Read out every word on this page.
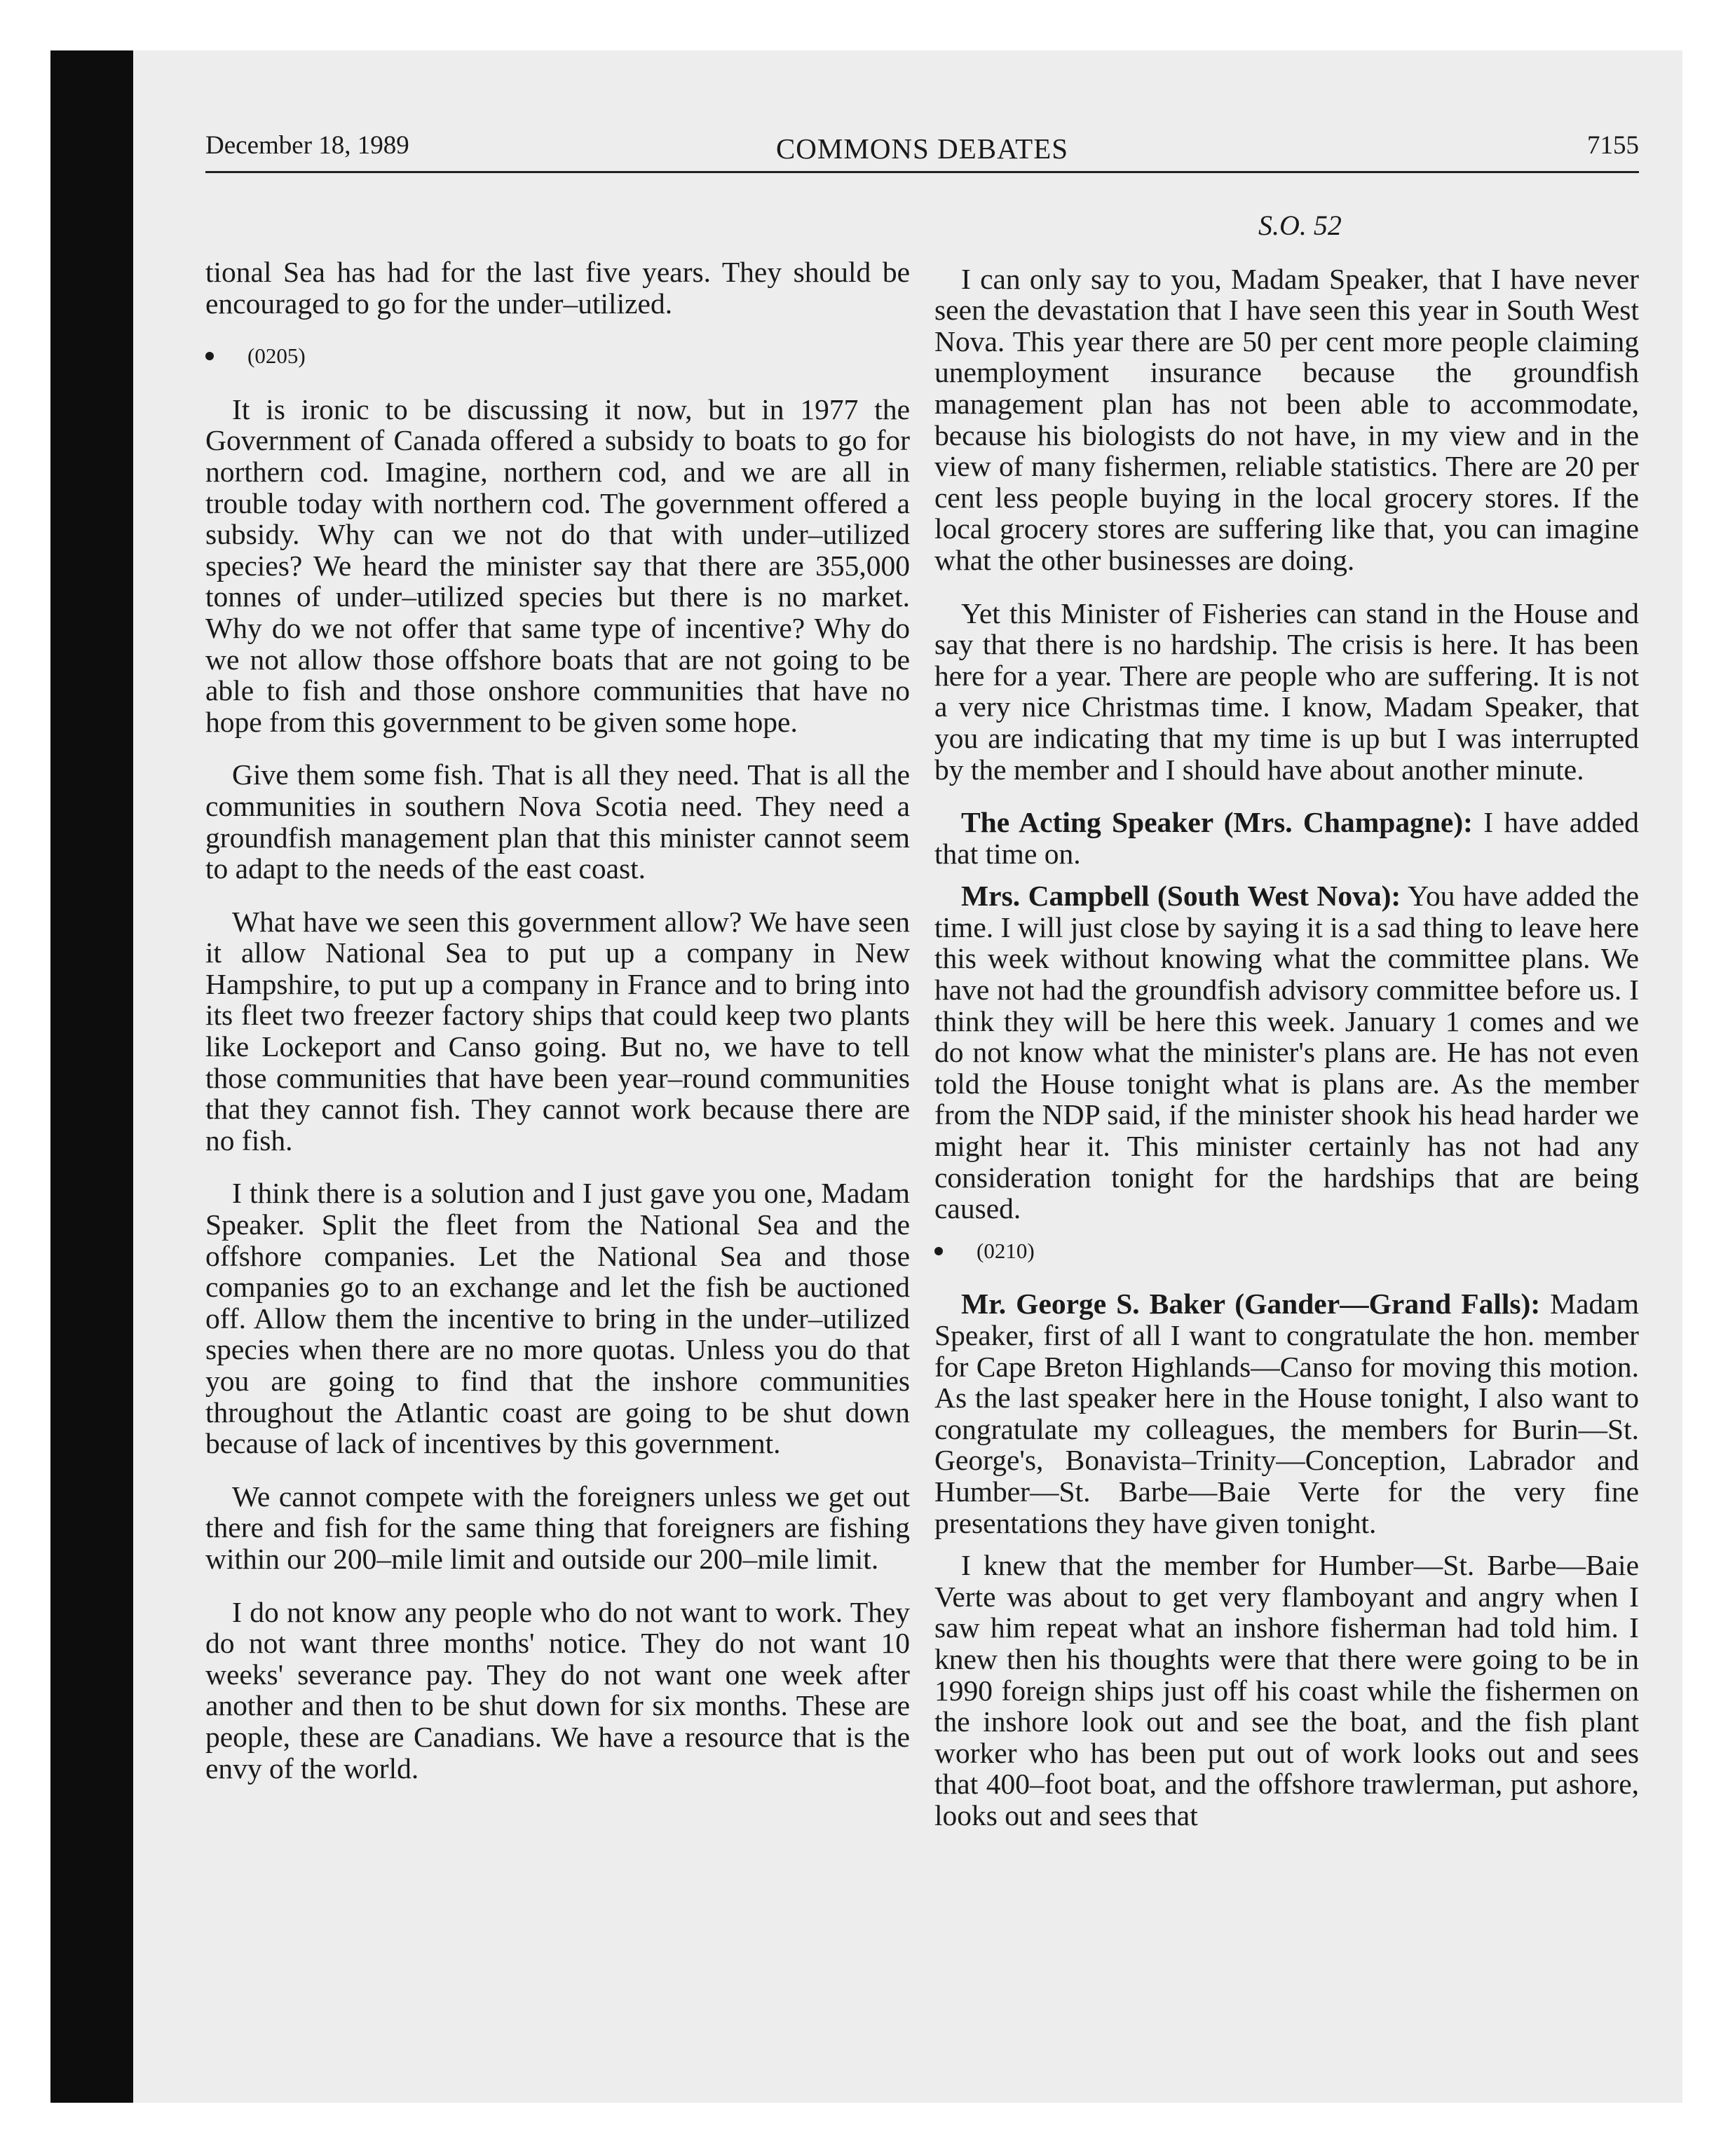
December 18, 1989	COMMONS DEBATES	7155

tional Sea has had for the last five years. They should be encouraged to go for the under–utilized.

(0205)

It is ironic to be discussing it now, but in 1977 the Government of Canada offered a subsidy to boats to go for northern cod. Imagine, northern cod, and we are all in trouble today with northern cod. The government offered a subsidy. Why can we not do that with under–utilized species? We heard the minister say that there are 355,000 tonnes of under–utilized species but there is no market. Why do we not offer that same type of incentive? Why do we not allow those offshore boats that are not going to be able to fish and those onshore communities that have no hope from this government to be given some hope.

Give them some fish. That is all they need. That is all the communities in southern Nova Scotia need. They need a groundfish management plan that this minister cannot seem to adapt to the needs of the east coast.

What have we seen this government allow? We have seen it allow National Sea to put up a company in New Hampshire, to put up a company in France and to bring into its fleet two freezer factory ships that could keep two plants like Lockeport and Canso going. But no, we have to tell those communities that have been year–round communities that they cannot fish. They cannot work because there are no fish.

I think there is a solution and I just gave you one, Madam Speaker. Split the fleet from the National Sea and the offshore companies. Let the National Sea and those companies go to an exchange and let the fish be auctioned off. Allow them the incentive to bring in the under–utilized species when there are no more quotas. Unless you do that you are going to find that the inshore communities throughout the Atlantic coast are going to be shut down because of lack of incentives by this government.

We cannot compete with the foreigners unless we get out there and fish for the same thing that foreigners are fishing within our 200–mile limit and outside our 200–mile limit.

I do not know any people who do not want to work. They do not want three months' notice. They do not want 10 weeks' severance pay. They do not want one week after another and then to be shut down for six months. These are people, these are Canadians. We have a resource that is the envy of the world.

S.O. 52

I can only say to you, Madam Speaker, that I have never seen the devastation that I have seen this year in South West Nova. This year there are 50 per cent more people claiming unemployment insurance because the groundfish management plan has not been able to accommodate, because his biologists do not have, in my view and in the view of many fishermen, reliable statistics. There are 20 per cent less people buying in the local grocery stores. If the local grocery stores are suffering like that, you can imagine what the other businesses are doing.

Yet this Minister of Fisheries can stand in the House and say that there is no hardship. The crisis is here. It has been here for a year. There are people who are suffering. It is not a very nice Christmas time. I know, Madam Speaker, that you are indicating that my time is up but I was interrupted by the member and I should have about another minute.

The Acting Speaker (Mrs. Champagne): I have added that time on.

Mrs. Campbell (South West Nova): You have added the time. I will just close by saying it is a sad thing to leave here this week without knowing what the committee plans. We have not had the groundfish advisory committee before us. I think they will be here this week. January 1 comes and we do not know what the minister's plans are. He has not even told the House tonight what is plans are. As the member from the NDP said, if the minister shook his head harder we might hear it. This minister certainly has not had any consideration tonight for the hardships that are being caused.

(0210)

Mr. George S. Baker (Gander—Grand Falls): Madam Speaker, first of all I want to congratulate the hon. member for Cape Breton Highlands—Canso for moving this motion. As the last speaker here in the House tonight, I also want to congratulate my colleagues, the members for Burin—St. George's, Bonavista–Trinity—Conception, Labrador and Humber—St. Barbe—Baie Verte for the very fine presentations they have given tonight.

I knew that the member for Humber—St. Barbe—Baie Verte was about to get very flamboyant and angry when I saw him repeat what an inshore fisherman had told him. I knew then his thoughts were that there were going to be in 1990 foreign ships just off his coast while the fishermen on the inshore look out and see the boat, and the fish plant worker who has been put out of work looks out and sees that 400–foot boat, and the offshore trawlerman, put ashore, looks out and sees that
